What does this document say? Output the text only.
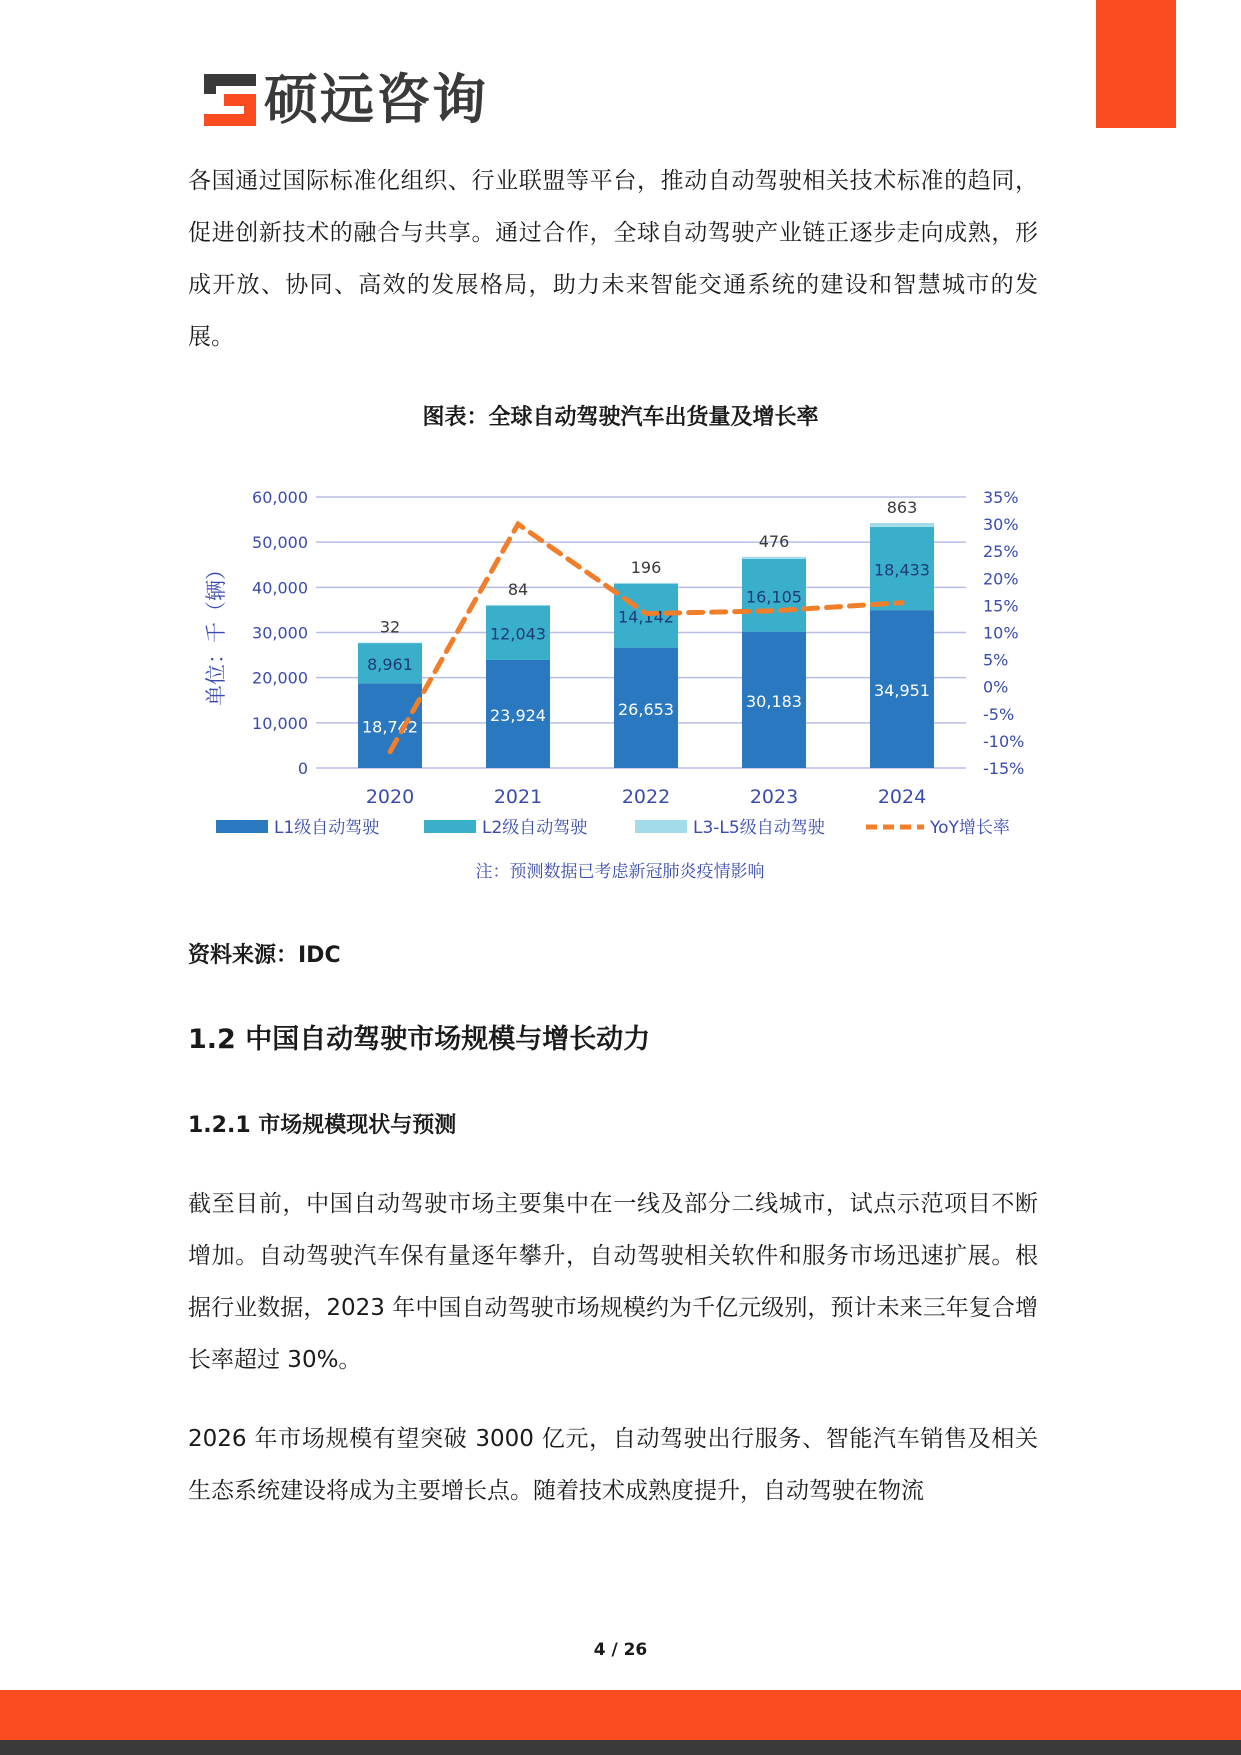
硕远咨询

各国通过国际标准化组织、行业联盟等平台，推动自动驾驶相关技术标准的趋同，促进创新技术的融合与共享。通过合作，全球自动驾驶产业链正逐步走向成熟，形成开放、协同、高效的发展格局，助力未来智能交通系统的建设和智慧城市的发展。

图表：全球自动驾驶汽车出货量及增长率

0
10,000
20,000
30,000
40,000
50,000
60,000
-15%
-10%
-5%
0%
5%
10%
15%
20%
25%
30%
35%
单位：千（辆）
18,742
8,961
32
2020
23,924
12,043
84
2021
26,653
14,142
196
2022
30,183
16,105
476
2023
34,951
18,433
863
2024
L1级自动驾驶	L2级自动驾驶	L3-L5级自动驾驶	YoY增长率
注：预测数据已考虑新冠肺炎疫情影响

资料来源：IDC

1.2 中国自动驾驶市场规模与增长动力

1.2.1 市场规模现状与预测

截至目前，中国自动驾驶市场主要集中在一线及部分二线城市，试点示范项目不断增加。自动驾驶汽车保有量逐年攀升，自动驾驶相关软件和服务市场迅速扩展。根据行业数据，2023 年中国自动驾驶市场规模约为千亿元级别，预计未来三年复合增长率超过 30%。

2026 年市场规模有望突破 3000 亿元，自动驾驶出行服务、智能汽车销售及相关生态系统建设将成为主要增长点。随着技术成熟度提升，自动驾驶在物流

4 / 26
